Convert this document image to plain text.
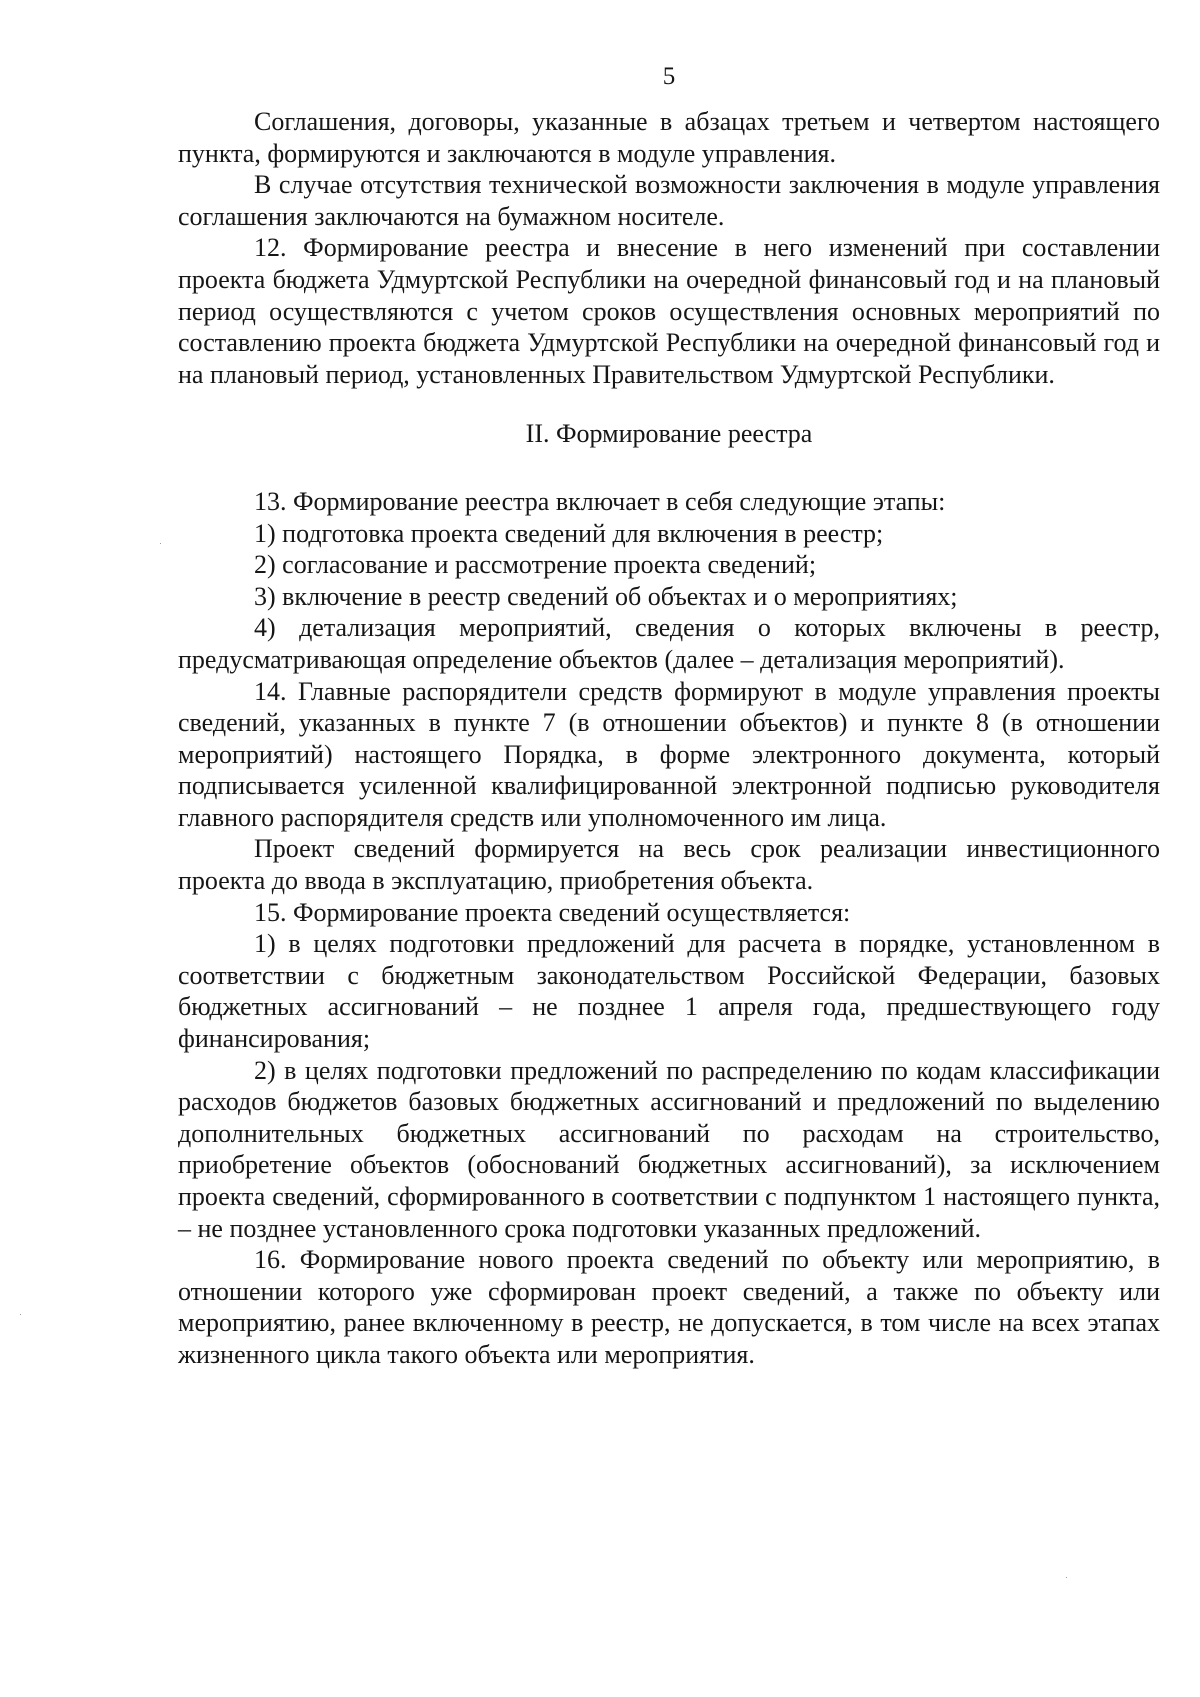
5

Соглашения, договоры, указанные в абзацах третьем и четвертом настоящего пункта, формируются и заключаются в модуле управления.

В случае отсутствия технической возможности заключения в модуле управления соглашения заключаются на бумажном носителе.

12. Формирование реестра и внесение в него изменений при составлении проекта бюджета Удмуртской Республики на очередной финансовый год и на плановый период осуществляются с учетом сроков осуществления основных мероприятий по составлению проекта бюджета Удмуртской Республики на очередной финансовый год и на плановый период, установленных Правительством Удмуртской Республики.

II. Формирование реестра

13. Формирование реестра включает в себя следующие этапы:

1) подготовка проекта сведений для включения в реестр;

2) согласование и рассмотрение проекта сведений;

3) включение в реестр сведений об объектах и о мероприятиях;

4) детализация мероприятий, сведения о которых включены в реестр, предусматривающая определение объектов (далее – детализация мероприятий).

14. Главные распорядители средств формируют в модуле управления проекты сведений, указанных в пункте 7 (в отношении объектов) и пункте 8 (в отношении мероприятий) настоящего Порядка, в форме электронного документа, который подписывается усиленной квалифицированной электронной подписью руководителя главного распорядителя средств или уполномоченного им лица.

Проект сведений формируется на весь срок реализации инвестиционного проекта до ввода в эксплуатацию, приобретения объекта.

15. Формирование проекта сведений осуществляется:

1) в целях подготовки предложений для расчета в порядке, установленном в соответствии с бюджетным законодательством Российской Федерации, базовых бюджетных ассигнований – не позднее 1 апреля года, предшествующего году финансирования;

2) в целях подготовки предложений по распределению по кодам классификации расходов бюджетов базовых бюджетных ассигнований и предложений по выделению дополнительных бюджетных ассигнований по расходам на строительство, приобретение объектов (обоснований бюджетных ассигнований), за исключением проекта сведений, сформированного в соответствии с подпунктом 1 настоящего пункта, – не позднее установленного срока подготовки указанных предложений.

16. Формирование нового проекта сведений по объекту или мероприятию, в отношении которого уже сформирован проект сведений, а также по объекту или мероприятию, ранее включенному в реестр, не допускается, в том числе на всех этапах жизненного цикла такого объекта или мероприятия.
